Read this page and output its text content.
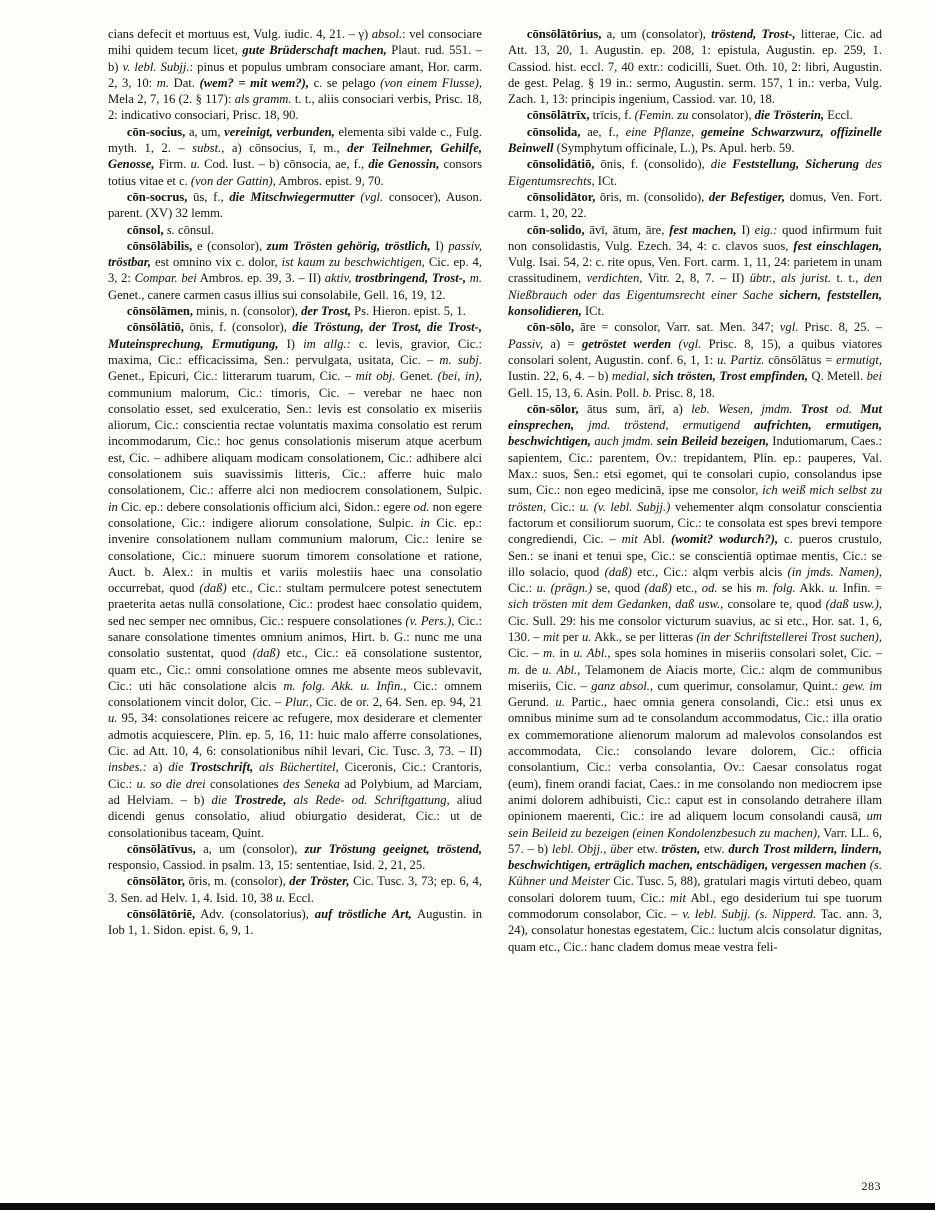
cians defecit et mortuus est, Vulg. iudic. 4, 21. – γ) absol.: vel consociare mihi quidem tecum licet, gute Brüderschaft machen, Plaut. rud. 551. – b) v. lebl. Subjj.: pinus et populus umbram consociare amant, Hor. carm. 2, 3, 10: m. Dat. (wem? = mit wem?), c. se pelago (von einem Flusse), Mela 2, 7, 16 (2. § 117): als gramm. t. t., aliis consociari verbis, Prisc. 18, 2: indicativo consociari, Prisc. 18, 90.

cōn-socius, a, um, vereinigt, verbunden, elementa sibi valde c., Fulg. myth. 1, 2. – subst., a) cōnsocius, ī, m., der Teilnehmer, Gehilfe, Genosse, Firm. u. Cod. Iust. – b) cōnsocia, ae, f., die Genossin, consors totius vitae et c. (von der Gattin), Ambros. epist. 9, 70.

cōn-socrus, ūs, f., die Mitschwiegermutter (vgl. consocer), Auson. parent. (XV) 32 lemm.

cōnsol, s. cōnsul.

cōnsōlābilis, e (consolor), zum Trösten gehörig, tröstlich, I) passiv, tröstbar, est omnino vix c. dolor, ist kaum zu beschwichtigen, Cic. ep. 4, 3, 2: Compar. bei Ambros. ep. 39, 3. – II) aktiv, trostbringend, Trost-, m. Genet., canere carmen casus illius sui consolabile, Gell. 16, 19, 12.

cōnsōlāmen, minis, n. (consolor), der Trost, Ps. Hieron. epist. 5, 1.

cōnsōlātiō, ōnis, f. (consolor), die Tröstung, der Trost, die Trost-, Muteinsprechung, Ermutigung, I) im allg.: c. levis, gravior, Cic.: maxima, Cic.: efficacissima, Sen.: pervulgata, usitata, Cic. – m. subj. Genet., Epicuri, Cic.: litterarum tuarum, Cic. – mit obj. Genet. (bei, in), communium malorum, Cic.: timoris, Cic. – verebar ne haec non consolatio esset, sed exulceratio, Sen.: levis est consolatio ex miseriis aliorum, Cic.: conscientia rectae voluntatis maxima consolatio est rerum incommodarum, Cic.: hoc genus consolationis miserum atque acerbum est, Cic. – adhibere aliquam modicam consolationem, Cic.: adhibere alci consolationem suis suavissimis litteris, Cic.: afferre huic malo consolationem, Cic.: afferre alci non mediocrem consolationem, Sulpic. in Cic. ep.: debere consolationis officium alci, Sidon.: egere od. non egere consolatione, Cic.: indigere aliorum consolatione, Sulpic. in Cic. ep.: invenire consolationem nullam communium malorum, Cic.: lenire se consolatione, Cic.: minuere suorum timorem consolatione et ratione, Auct. b. Alex.: in multis et variis molestiis haec una consolatio occurrebat, quod (daß) etc., Cic.: stultam permulcere potest senectutem praeterita aetas nullā consolatione, Cic.: prodest haec consolatio quidem, sed nec semper nec omnibus, Cic.: respuere consolationes (v. Pers.), Cic.: sanare consolatione timentes omnium animos, Hirt. b. G.: nunc me una consolatio sustentat, quod (daß) etc., Cic.: eā consolatione sustentor, quam etc., Cic.: omni consolatione omnes me absente meos sublevavit, Cic.: uti hāc consolatione alcis m. folg. Akk. u. Infin., Cic.: omnem consolationem vincit dolor, Cic. – Plur., Cic. de or. 2, 64. Sen. ep. 94, 21 u. 95, 34: consolationes reicere ac refugere, mox desiderare et clementer admotis acquiescere, Plin. ep. 5, 16, 11: huic malo afferre consolationes, Cic. ad Att. 10, 4, 6: consolationibus nihil levari, Cic. Tusc. 3, 73. – II) insbes.: a) die Trostschrift, als Büchertitel, Ciceronis, Cic.: Crantoris, Cic.: u. so die drei consolationes des Seneka ad Polybium, ad Marciam, ad Helviam. – b) die Trostrede, als Rede- od. Schriftgattung, aliud dicendi genus consolatio, aliud obiurgatio desiderat, Cic.: ut de consolationibus taceam, Quint.

cōnsōlātīvus, a, um (consolor), zur Tröstung geeignet, tröstend, responsio, Cassiod. in psalm. 13, 15: sententiae, Isid. 2, 21, 25.

cōnsōlātor, ōris, m. (consolor), der Tröster, Cic. Tusc. 3, 73; ep. 6, 4, 3. Sen. ad Helv. 1, 4. Isid. 10, 38 u. Eccl.

cōnsōlātōriē, Adv. (consolatorius), auf tröstliche Art, Augustin. in Iob 1, 1. Sidon. epist. 6, 9, 1.

cōnsōlātōrius, a, um (consolator), tröstend, Trost-, litterae, Cic. ad Att. 13, 20, 1. Augustin. ep. 208, 1: epistula, Augustin. ep. 259, 1. Cassiod. hist. eccl. 7, 40 extr.: codicilli, Suet. Oth. 10, 2: libri, Augustin. de gest. Pelag. § 19 in.: sermo, Augustin. serm. 157, 1 in.: verba, Vulg. Zach. 1, 13: principis ingenium, Cassiod. var. 10, 18.

cōnsōlātrīx, trīcis, f. (Femin. zu consolator), die Trösterin, Eccl.

cōnsolida, ae, f., eine Pflanze, gemeine Schwarzwurz, offizinelle Beinwell (Symphytum officinale, L.), Ps. Apul. herb. 59.

cōnsolidātiō, ōnis, f. (consolido), die Feststellung, Sicherung des Eigentumsrechts, ICt.

cōnsolidātor, ōris, m. (consolido), der Befestiger, domus, Ven. Fort. carm. 1, 20, 22.

cōn-solido, āvī, ātum, āre, fest machen, I) eig.: quod infirmum fuit non consolidastis, Vulg. Ezech. 34, 4: c. clavos suos, fest einschlagen, Vulg. Isai. 54, 2: c. rite opus, Ven. Fort. carm. 1, 11, 24: parietem in unam crassitudinem, verdichten, Vitr. 2, 8, 7. – II) übtr., als jurist. t. t., den Nießbrauch oder das Eigentumsrecht einer Sache sichern, feststellen, konsolidieren, ICt.

cōn-sōlo, āre = consolor, Varr. sat. Men. 347; vgl. Prisc. 8, 25. – Passiv, a) = getröstet werden (vgl. Prisc. 8, 15), a quibus viatores consolari solent, Augustin. conf. 6, 1, 1: u. Partiz. cōnsōlātus = ermutigt, Iustin. 22, 6, 4. – b) medial, sich trösten, Trost empfinden, Q. Metell. bei Gell. 15, 13, 6. Asin. Poll. b. Prisc. 8, 18.

cōn-sōlor, ātus sum, ārī, a) leb. Wesen, jmdm. Trost od. Mut einsprechen, jmd. tröstend, ermutigend aufrichten, ermutigen, beschwichtigen, auch jmdm. sein Beileid bezeigen, Indutiomarum, Caes.: sapientem, Cic.: parentem, Ov.: trepidantem, Plin. ep.: pauperes, Val. Max.: suos, Sen.: etsi egomet, qui te consolari cupio, consolandus ipse sum, Cic.: non egeo medicinā, ipse me consolor, ich weiß mich selbst zu trösten, Cic.: u. (v. lebl. Subjj.) vehementer alqm consolatur conscientia factorum et consiliorum suorum, Cic.: te consolata est spes brevi tempore congrediendi, Cic. – mit Abl. (womit? wodurch?), c. pueros crustulo, Sen.: se inani et tenui spe, Cic.: se conscientiā optimae mentis, Cic.: se illo solacio, quod (daß) etc., Cic.: alqm verbis alcis (in jmds. Namen), Cic.: u. (prägn.) se, quod (daß) etc., od. se his m. folg. Akk. u. Infin. = sich trösten mit dem Gedanken, daß usw., consolare te, quod (daß usw.), Cic. Sull. 29: his me consolor victurum suavius, ac si etc., Hor. sat. 1, 6, 130. – mit per u. Akk., se per litteras (in der Schriftstellerei Trost suchen), Cic. – m. in u. Abl., spes sola homines in miseriis consolari solet, Cic. – m. de u. Abl., Telamonem de Aiacis morte, Cic.: alqm de communibus miseriis, Cic. – ganz absol., cum querimur, consolamur, Quint.: gew. im Gerund. u. Partic., haec omnia genera consolandi, Cic.: etsi unus ex omnibus minime sum ad te consolandum accommodatus, Cic.: illa oratio ex commemoratione alienorum malorum ad malevolos consolandos est accommodata, Cic.: consolando levare dolorem, Cic.: officia consolantium, Cic.: verba consolantia, Ov.: Caesar consolatus rogat (eum), finem orandi faciat, Caes.: in me consolando non mediocrem ipse animi dolorem adhibuisti, Cic.: caput est in consolando detrahere illam opinionem maerenti, Cic.: ire ad aliquem locum consolandi causā, um sein Beileid zu bezeigen (einen Kondolenzbesuch zu machen), Varr. LL. 6, 57. – b) lebl. Objj., über etw. trösten, etw. durch Trost mildern, lindern, beschwichtigen, erträglich machen, entschädigen, vergessen machen (s. Kühner und Meister Cic. Tusc. 5, 88), gratulari magis virtuti debeo, quam consolari dolorem tuum, Cic.: mit Abl., ego desiderium tui spe tuorum commodorum consolabor, Cic. – v. lebl. Subjj. (s. Nipperd. Tac. ann. 3, 24), consolatur honestas egestatem, Cic.: luctum alcis consolatur dignitas, quam etc., Cic.: hanc cladem domus meae vestra feli-

283
